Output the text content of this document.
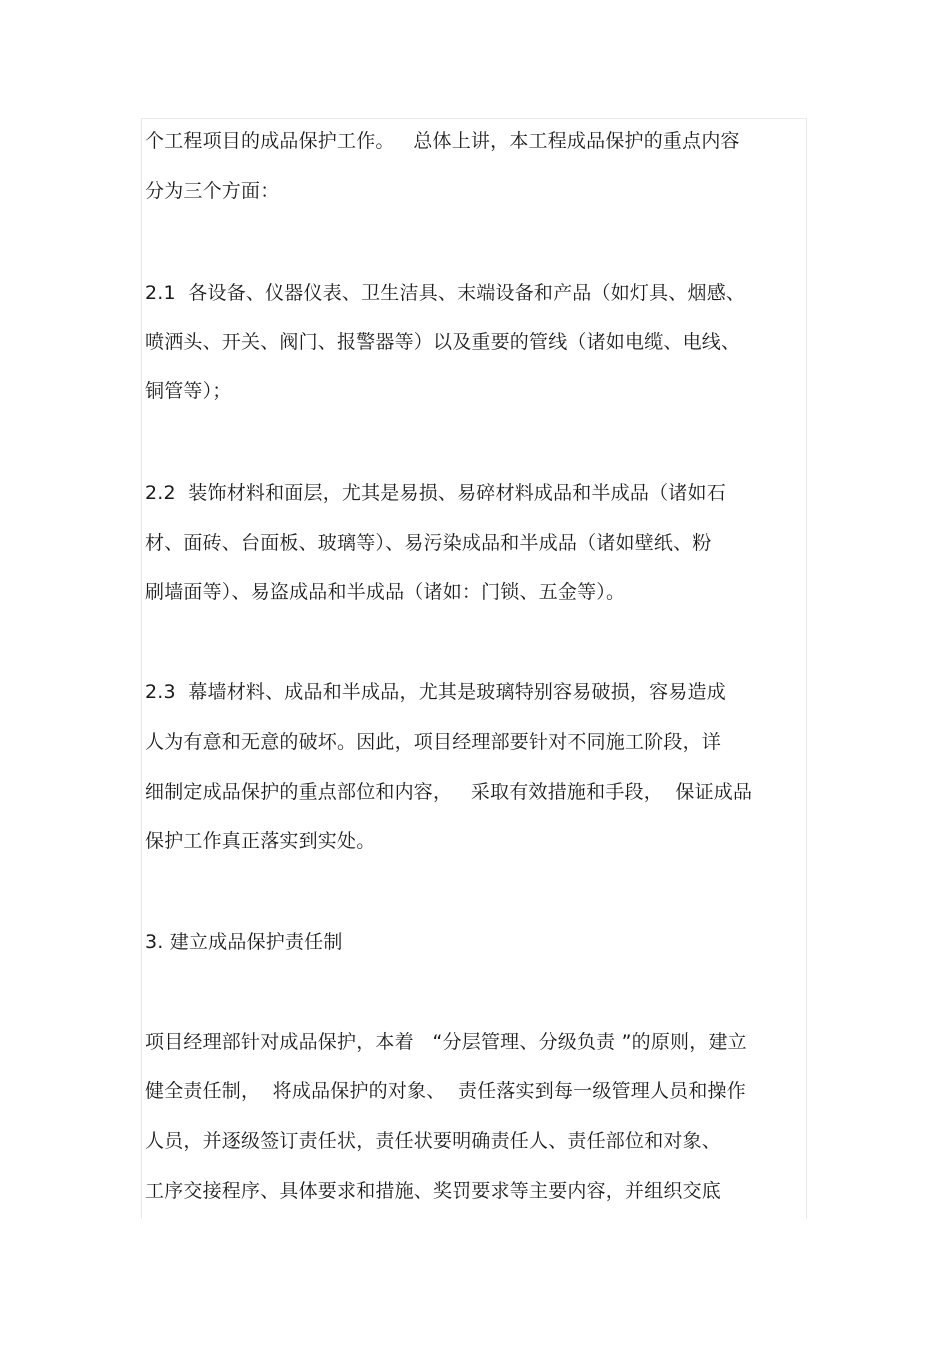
个工程项目的成品保护工作。   总体上讲，本工程成品保护的重点内容
分为三个方面：
2.1  各设备、仪器仪表、卫生洁具、末端设备和产品（如灯具、烟感、
喷洒头、开关、阀门、报警器等）以及重要的管线（诸如电缆、电线、
铜管等）；
2.2  装饰材料和面层，尤其是易损、易碎材料成品和半成品（诸如石
材、面砖、台面板、玻璃等）、易污染成品和半成品（诸如壁纸、粉
刷墙面等）、易盗成品和半成品（诸如：门锁、五金等）。
2.3  幕墙材料、成品和半成品，尤其是玻璃特别容易破损，容易造成
人为有意和无意的破坏。因此，项目经理部要针对不同施工阶段，详
细制定成品保护的重点部位和内容，   采取有效措施和手段，  保证成品
保护工作真正落实到实处。
3. 建立成品保护责任制
项目经理部针对成品保护，本着   “分层管理、分级负责 ”的原则，建立
健全责任制，  将成品保护的对象、  责任落实到每一级管理人员和操作
人员，并逐级签订责任状，责任状要明确责任人、责任部位和对象、
工序交接程序、具体要求和措施、奖罚要求等主要内容，并组织交底
